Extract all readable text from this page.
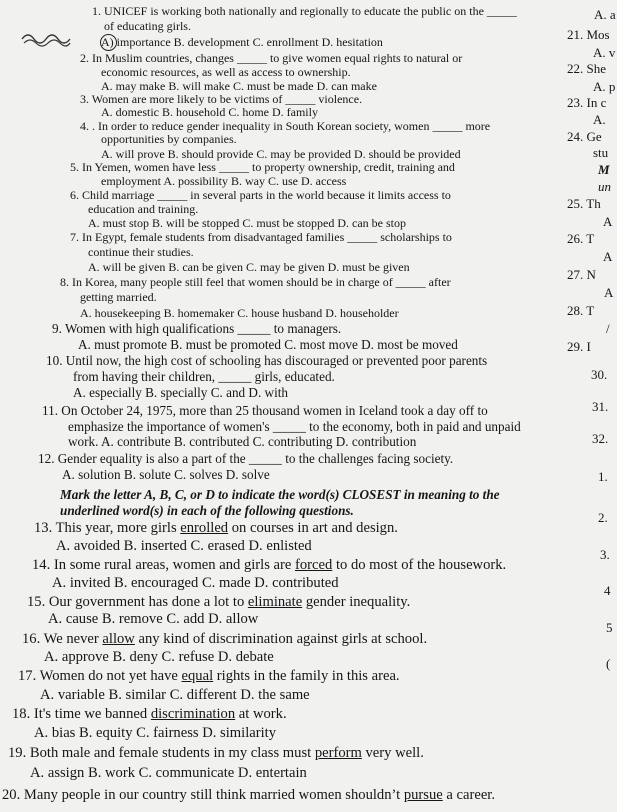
1. UNICEF is working both nationally and regionally to educate the public on the _____
of educating girls.
A) importance B. development C. enrollment D. hesitation
2. In Muslim countries, changes _____ to give women equal rights to natural or
economic resources, as well as access to ownership.
A. may make B. will make C. must be made D. can make
3. Women are more likely to be victims of _____ violence.
A. domestic B. household C. home D. family
4. . In order to reduce gender inequality in South Korean society, women _____ more
opportunities by companies.
A. will prove B. should provide C. may be provided D. should be provided
5. In Yemen, women have less _____ to property ownership, credit, training and
employment A. possibility B. way C. use D. access
6. Child marriage _____ in several parts in the world because it limits access to
education and training.
A. must stop B. will be stopped C. must be stopped D. can be stop
7. In Egypt, female students from disadvantaged families _____ scholarships to
continue their studies.
A. will be given B. can be given C. may be given D. must be given
8. In Korea, many people still feel that women should be in charge of _____ after
getting married.
A. housekeeping B. homemaker C. house husband D. householder
9. Women with high qualifications _____ to managers.
A. must promote B. must be promoted C. most move D. most be moved
10. Until now, the high cost of schooling has discouraged or prevented poor parents
from having their children, _____ girls, educated.
A. especially B. specially C. and D. with
11. On October 24, 1975, more than 25 thousand women in Iceland took a day off to
emphasize the importance of women's _____ to the economy, both in paid and unpaid
work. A. contribute B. contributed C. contributing D. contribution
12. Gender equality is also a part of the _____ to the challenges facing society.
A. solution B. solute C. solves D. solve
Mark the letter A, B, C, or D to indicate the word(s) CLOSEST in meaning to the
underlined word(s) in each of the following questions.
13. This year, more girls enrolled on courses in art and design.
A. avoided B. inserted C. erased D. enlisted
14. In some rural areas, women and girls are forced to do most of the housework.
A. invited B. encouraged C. made D. contributed
15. Our government has done a lot to eliminate gender inequality.
A. cause B. remove C. add D. allow
16. We never allow any kind of discrimination against girls at school.
A. approve B. deny C. refuse D. debate
17. Women do not yet have equal rights in the family in this area.
A. variable B. similar C. different D. the same
18. It's time we banned discrimination at work.
A. bias B. equity C. fairness D. similarity
19. Both male and female students in my class must perform very well.
A. assign B. work C. communicate D. entertain
20. Many people in our country still think married women shouldn’t pursue a career.
A. a
21. Mos
A. v
22. She
A. p
23. In c
A.
24. Ge
stu
M
un
25. Th
A
26. T
A
27. N
A
28. T
/
29. I
30.
31.
32.
1.
2.
3.
4
5
(
